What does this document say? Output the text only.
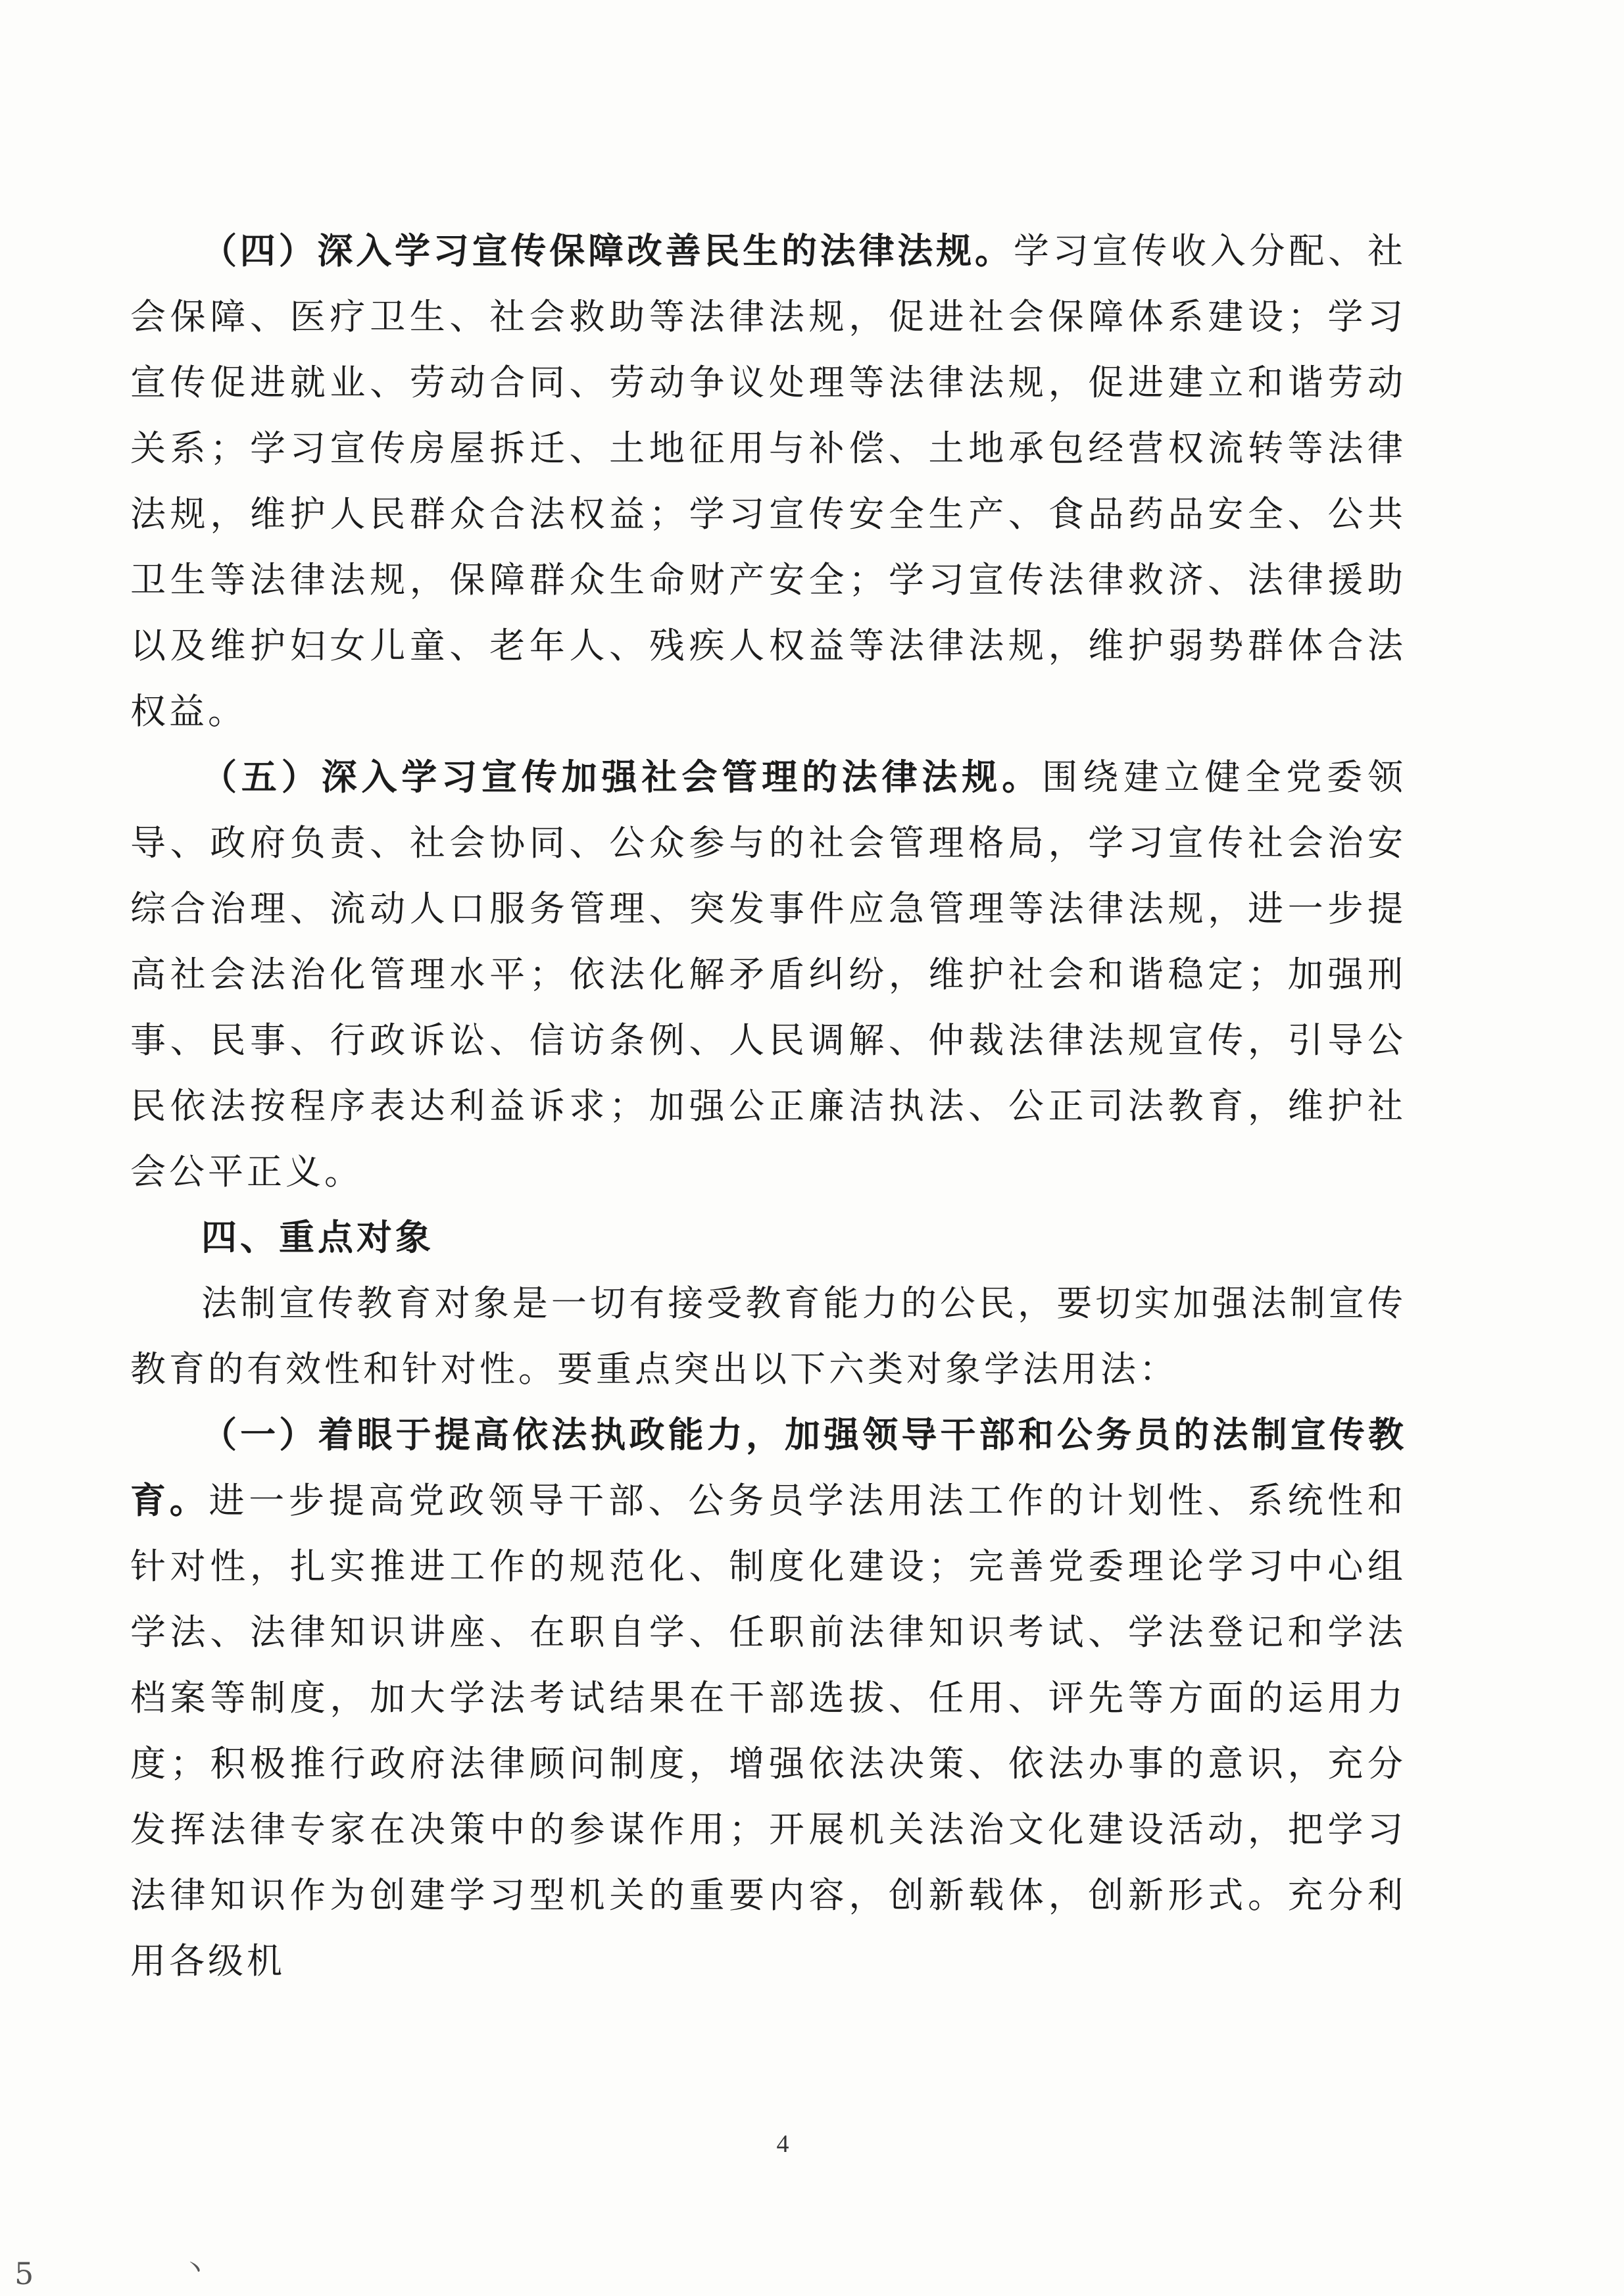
（四）深入学习宣传保障改善民生的法律法规。学习宣传收入分配、社会保障、医疗卫生、社会救助等法律法规，促进社会保障体系建设；学习宣传促进就业、劳动合同、劳动争议处理等法律法规，促进建立和谐劳动关系；学习宣传房屋拆迁、土地征用与补偿、土地承包经营权流转等法律法规，维护人民群众合法权益；学习宣传安全生产、食品药品安全、公共卫生等法律法规，保障群众生命财产安全；学习宣传法律救济、法律援助以及维护妇女儿童、老年人、残疾人权益等法律法规，维护弱势群体合法权益。

（五）深入学习宣传加强社会管理的法律法规。围绕建立健全党委领导、政府负责、社会协同、公众参与的社会管理格局，学习宣传社会治安综合治理、流动人口服务管理、突发事件应急管理等法律法规，进一步提高社会法治化管理水平；依法化解矛盾纠纷，维护社会和谐稳定；加强刑事、民事、行政诉讼、信访条例、人民调解、仲裁法律法规宣传，引导公民依法按程序表达利益诉求；加强公正廉洁执法、公正司法教育，维护社会公平正义。

四、重点对象

法制宣传教育对象是一切有接受教育能力的公民，要切实加强法制宣传教育的有效性和针对性。要重点突出以下六类对象学法用法：

（一）着眼于提高依法执政能力，加强领导干部和公务员的法制宣传教育。进一步提高党政领导干部、公务员学法用法工作的计划性、系统性和针对性，扎实推进工作的规范化、制度化建设；完善党委理论学习中心组学法、法律知识讲座、在职自学、任职前法律知识考试、学法登记和学法档案等制度，加大学法考试结果在干部选拔、任用、评先等方面的运用力度；积极推行政府法律顾问制度，增强依法决策、依法办事的意识，充分发挥法律专家在决策中的参谋作用；开展机关法治文化建设活动，把学习法律知识作为创建学习型机关的重要内容，创新载体，创新形式。充分利用各级机

4
5	丶
